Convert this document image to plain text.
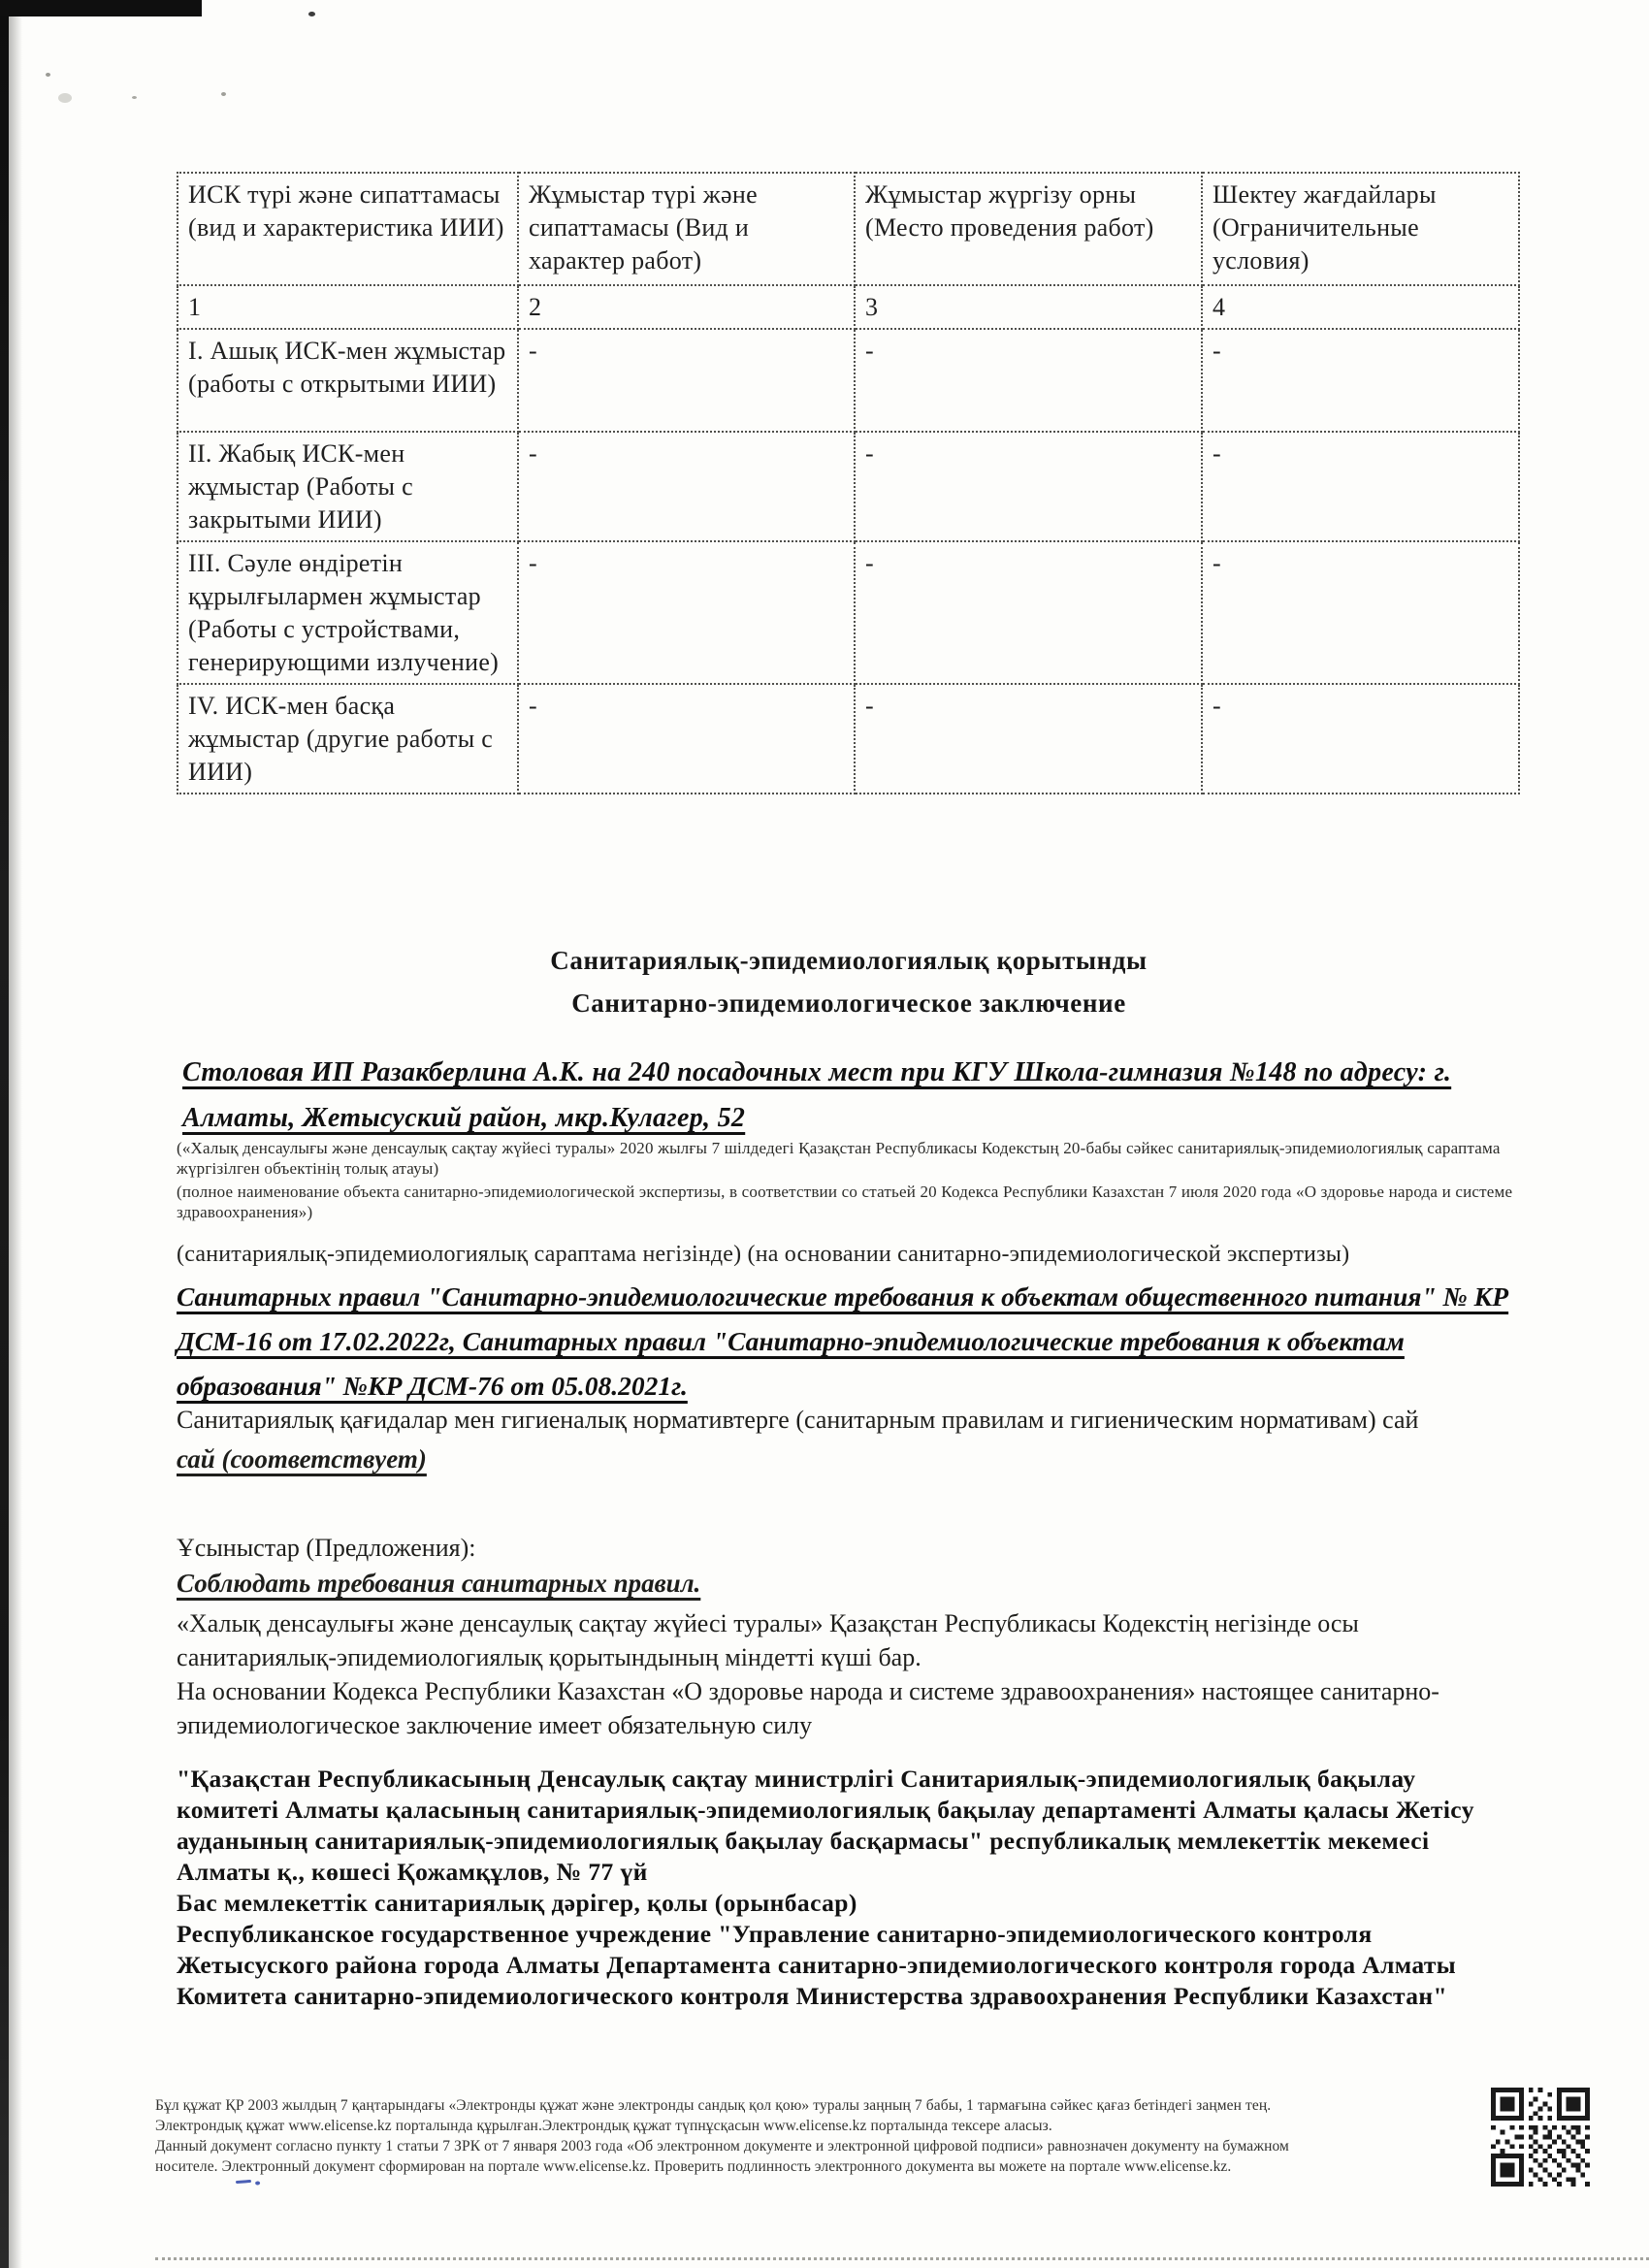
ИСК түрі және сипаттамасы (вид и характеристика ИИИ)	Жұмыстар түрі және сипаттамасы (Вид и характер работ)	Жұмыстар жүргізу орны (Место проведения работ)	Шектеу жағдайлары (Ограничительные условия)
1	2	3	4
I. Ашық ИСК-мен жұмыстар (работы с открытыми ИИИ)	-	-	-
II. Жабық ИСК-мен жұмыстар (Работы с закрытыми ИИИ)	-	-	-
III. Сәуле өндіретін құрылғылармен жұмыстар (Работы с устройствами, генерирующими излучение)	-	-	-
IV. ИСК-мен басқа жұмыстар (другие работы с ИИИ)	-	-	-
Санитариялық-эпидемиологиялық қорытынды
Санитарно-эпидемиологическое заключение
Столовая ИП Разакберлина А.К. на 240 посадочных мест при КГУ Школа-гимназия №148 по адресу: г. Алматы, Жетысуский район, мкр.Кулагер, 52
(«Халық денсаулығы және денсаулық сақтау жүйесі туралы» 2020 жылғы 7 шілдедегі Қазақстан Республикасы Кодекстың 20-бабы сәйкес санитариялық-эпидемиологиялық сараптама жүргізілген объектінің толық атауы)
(полное наименование объекта санитарно-эпидемиологической экспертизы, в соответствии со статьей 20 Кодекса Республики Казахстан 7 июля 2020 года «О здоровье народа и системе здравоохранения»)
(санитариялық-эпидемиологиялық сараптама негізінде) (на основании санитарно-эпидемиологической экспертизы)
Санитарных правил "Санитарно-эпидемиологические требования к объектам общественного питания" № КР ДСМ-16 от 17.02.2022г, Санитарных правил "Санитарно-эпидемиологические требования к объектам образования" №КР ДСМ-76 от 05.08.2021г.
Санитариялық қағидалар мен гигиеналық нормативтерге (санитарным правилам и гигиеническим нормативам) сай
сай (соответствует)
Ұсыныстар (Предложения):
Соблюдать требования санитарных правил.
«Халық денсаулығы және денсаулық сақтау жүйесі туралы» Қазақстан Республикасы Кодекстің негізінде осы санитариялық-эпидемиологиялық қорытындының міндетті күші бар.
На основании Кодекса Республики Казахстан «О здоровье народа и системе здравоохранения» настоящее санитарно-эпидемиологическое заключение имеет обязательную силу
"Қазақстан Республикасының Денсаулық сақтау министрлігі Санитариялық-эпидемиологиялық бақылау комитеті Алматы қаласының санитариялық-эпидемиологиялық бақылау департаменті Алматы қаласы Жетісу ауданының санитариялық-эпидемиологиялық бақылау басқармасы" республикалық мемлекеттік мекемесі
Алматы қ., көшесі Қожамқұлов, № 77 үй
Бас мемлекеттік санитариялық дәрігер, қолы (орынбасар)
Республиканское государственное учреждение "Управление санитарно-эпидемиологического контроля Жетысуского района города Алматы Департамента санитарно-эпидемиологического контроля города Алматы Комитета санитарно-эпидемиологического контроля Министерства здравоохранения Республики Казахстан"
Бұл құжат ҚР 2003 жылдың 7 қаңтарындағы «Электронды құжат және электронды сандық қол қою» туралы заңның 7 бабы, 1 тармағына сәйкес қағаз бетіндегі заңмен тең.
Электрондық құжат www.elicense.kz порталында құрылған.Электрондық құжат түпнұсқасын www.elicense.kz порталында тексере аласыз.
Данный документ согласно пункту 1 статьи 7 ЗРК от 7 января 2003 года «Об электронном документе и электронной цифровой подписи» равнозначен документу на бумажном
носителе. Электронный документ сформирован на портале www.elicense.kz. Проверить подлинность электронного документа вы можете на портале www.elicense.kz.
